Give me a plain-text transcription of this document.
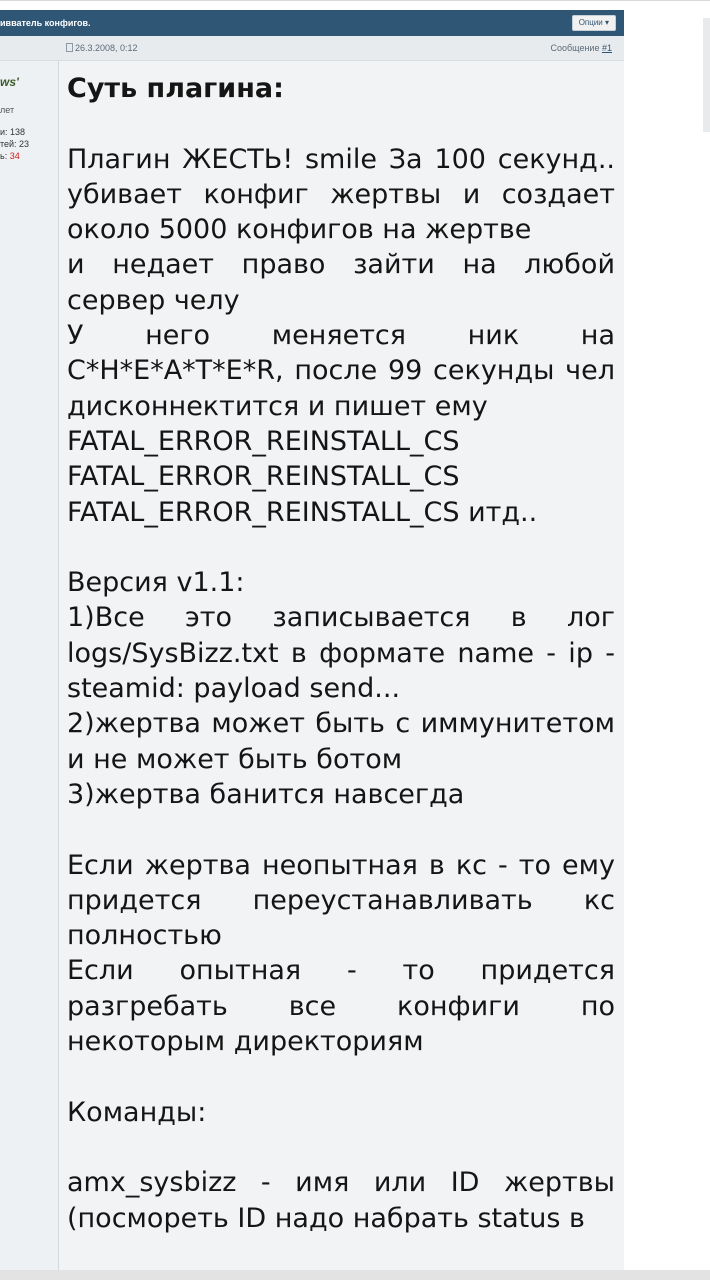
ивватель конфигов.	Опции ▾
26.3.2008, 0:12	Сообщение #1
ws'
лет
и: 138
тей: 23
ь: 34
Суть плагина:
Плагин ЖЕСТЬ! smile За 100 секунд.. убивает конфиг жертвы и создает около 5000 конфигов на жертве
и недает право зайти на любой сервер челу
У него меняется ник на C*H*E*A*T*E*R, после 99 секунды чел дисконнектится и пишет ему
FATAL_ERROR_REINSTALL_CS
FATAL_ERROR_REINSTALL_CS
FATAL_ERROR_REINSTALL_CS итд..
Версия v1.1:
1)Все это записывается в лог logs/SysBizz.txt в формате name - ip - steamid: payload send...
2)жертва может быть с иммунитетом и не может быть ботом
3)жертва банится навсегда
Если жертва неопытная в кс - то ему придется переустанавливать кс полностью
Если опытная - то придется разгребать все конфиги по некоторым директориям
Команды:
amx_sysbizz - имя или ID жертвы (посмореть ID надо набрать status в
